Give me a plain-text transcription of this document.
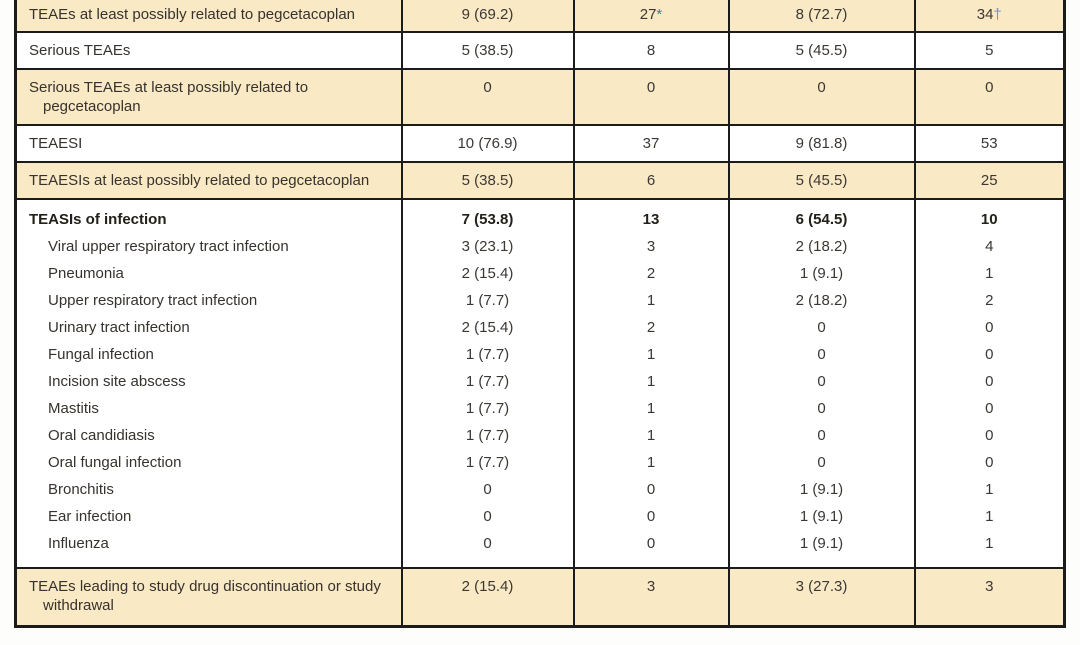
TEAEs at least possibly related to pegcetacoplan	9 (69.2)	27*	8 (72.7)	34†
Serious TEAEs	5 (38.5)	8	5 (45.5)	5
Serious TEAEs at least possibly related to pegcetacoplan	0	0	0	0
TEAESI	10 (76.9)	37	9 (81.8)	53
TEAESIs at least possibly related to pegcetacoplan	5 (38.5)	6	5 (45.5)	25
TEASIs of infection	7 (53.8)	13	6 (54.5)	10
Viral upper respiratory tract infection	3 (23.1)	3	2 (18.2)	4
Pneumonia	2 (15.4)	2	1 (9.1)	1
Upper respiratory tract infection	1 (7.7)	1	2 (18.2)	2
Urinary tract infection	2 (15.4)	2	0	0
Fungal infection	1 (7.7)	1	0	0
Incision site abscess	1 (7.7)	1	0	0
Mastitis	1 (7.7)	1	0	0
Oral candidiasis	1 (7.7)	1	0	0
Oral fungal infection	1 (7.7)	1	0	0
Bronchitis	0	0	1 (9.1)	1
Ear infection	0	0	1 (9.1)	1
Influenza	0	0	1 (9.1)	1
TEAEs leading to study drug discontinuation or study withdrawal	2 (15.4)	3	3 (27.3)	3
